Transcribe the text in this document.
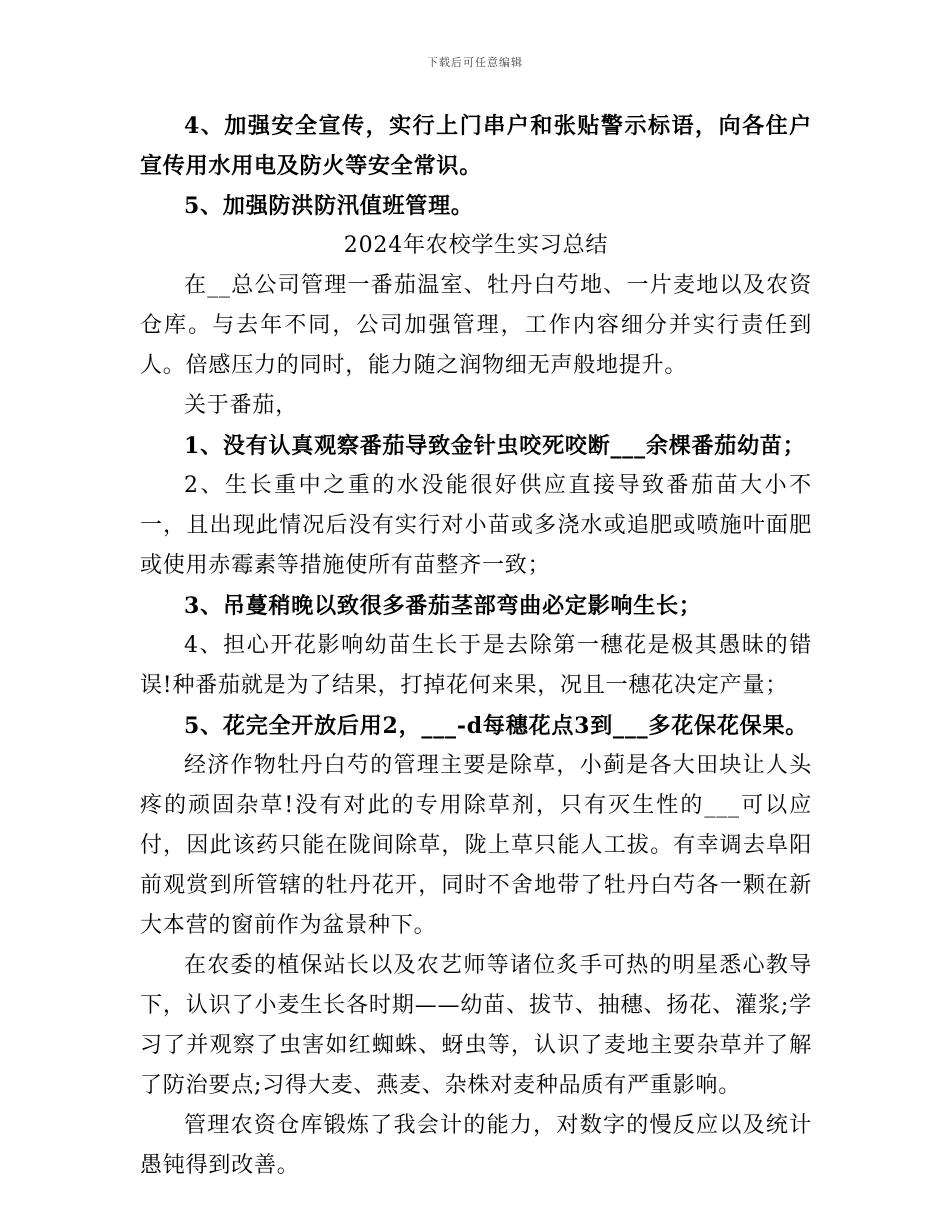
下载后可任意编辑

4、加强安全宣传，实行上门串户和张贴警示标语，向各住户宣传用水用电及防火等安全常识。

5、加强防洪防汛值班管理。

2024年农校学生实习总结

在__总公司管理一番茄温室、牡丹白芍地、一片麦地以及农资仓库。与去年不同，公司加强管理，工作内容细分并实行责任到人。倍感压力的同时，能力随之润物细无声般地提升。

关于番茄，

1、没有认真观察番茄导致金针虫咬死咬断___余棵番茄幼苗；

2、生长重中之重的水没能很好供应直接导致番茄苗大小不一，且出现此情况后没有实行对小苗或多浇水或追肥或喷施叶面肥或使用赤霉素等措施使所有苗整齐一致；

3、吊蔓稍晚以致很多番茄茎部弯曲必定影响生长；

4、担心开花影响幼苗生长于是去除第一穗花是极其愚昧的错误!种番茄就是为了结果，打掉花何来果，况且一穗花决定产量；

5、花完全开放后用2，___-d每穗花点3到___多花保花保果。

经济作物牡丹白芍的管理主要是除草，小蓟是各大田块让人头疼的顽固杂草!没有对此的专用除草剂，只有灭生性的___可以应付，因此该药只能在陇间除草，陇上草只能人工拔。有幸调去阜阳前观赏到所管辖的牡丹花开，同时不舍地带了牡丹白芍各一颗在新大本营的窗前作为盆景种下。

在农委的植保站长以及农艺师等诸位炙手可热的明星悉心教导下，认识了小麦生长各时期——幼苗、拔节、抽穗、扬花、灌浆;学习了并观察了虫害如红蜘蛛、蚜虫等，认识了麦地主要杂草并了解了防治要点;习得大麦、燕麦、杂株对麦种品质有严重影响。

管理农资仓库锻炼了我会计的能力，对数字的慢反应以及统计愚钝得到改善。
